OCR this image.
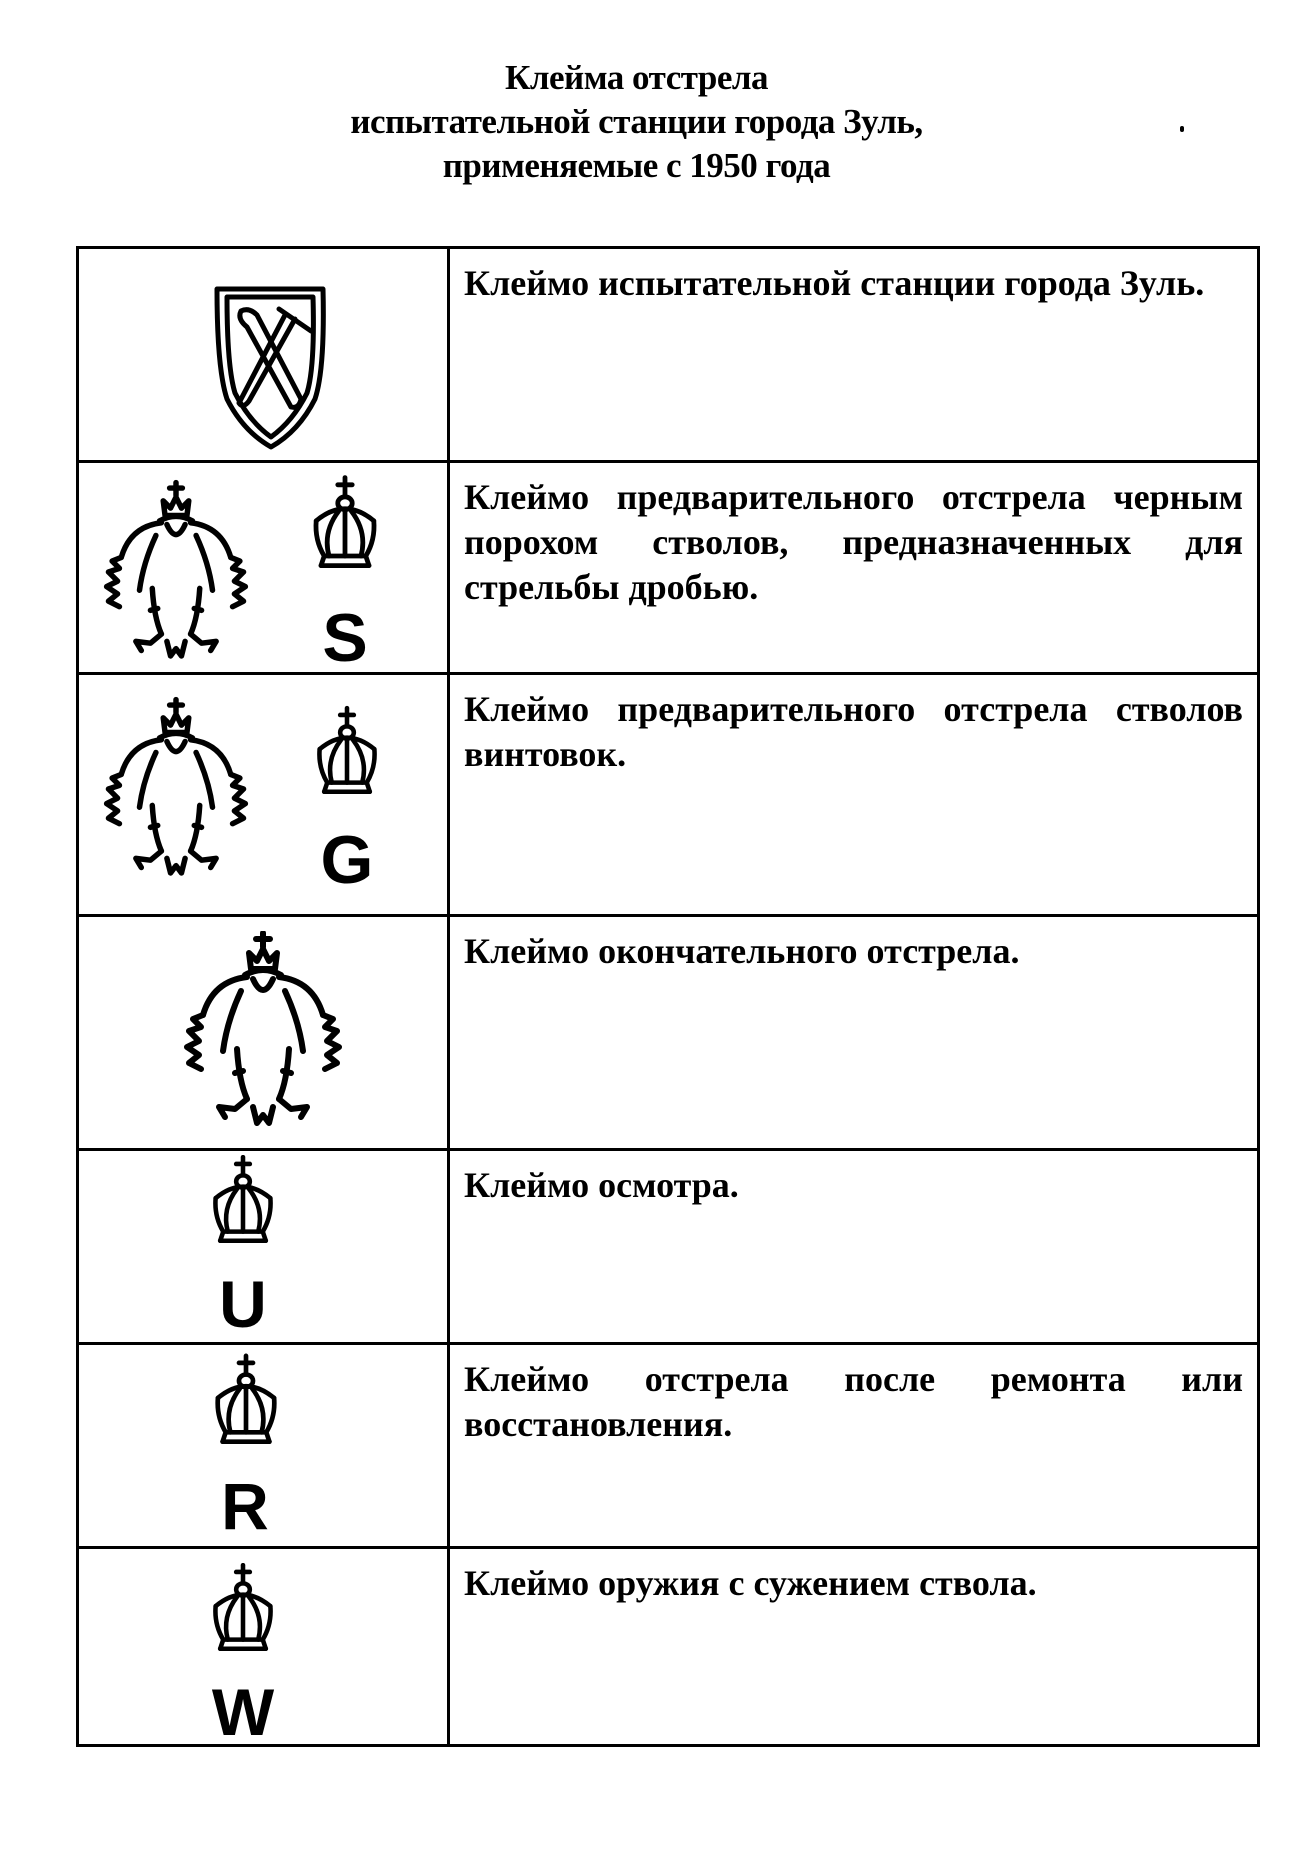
Клейма отстрела
испытательной станции города Зуль,
применяемые с 1950 года
	Клеймо испытательной станции города Зуль.

S	Клеймо предварительного отстрела черным порохом стволов, предназначенных для стрельбы дробью.

G	Клеймо предварительного отстрела стволов винтовок.

	Клеймо окончательного отстрела.

U	Клеймо осмотра.

R	Клеймо отстрела после ремонта или восстановления.

W	Клеймо оружия с сужением ствола.
